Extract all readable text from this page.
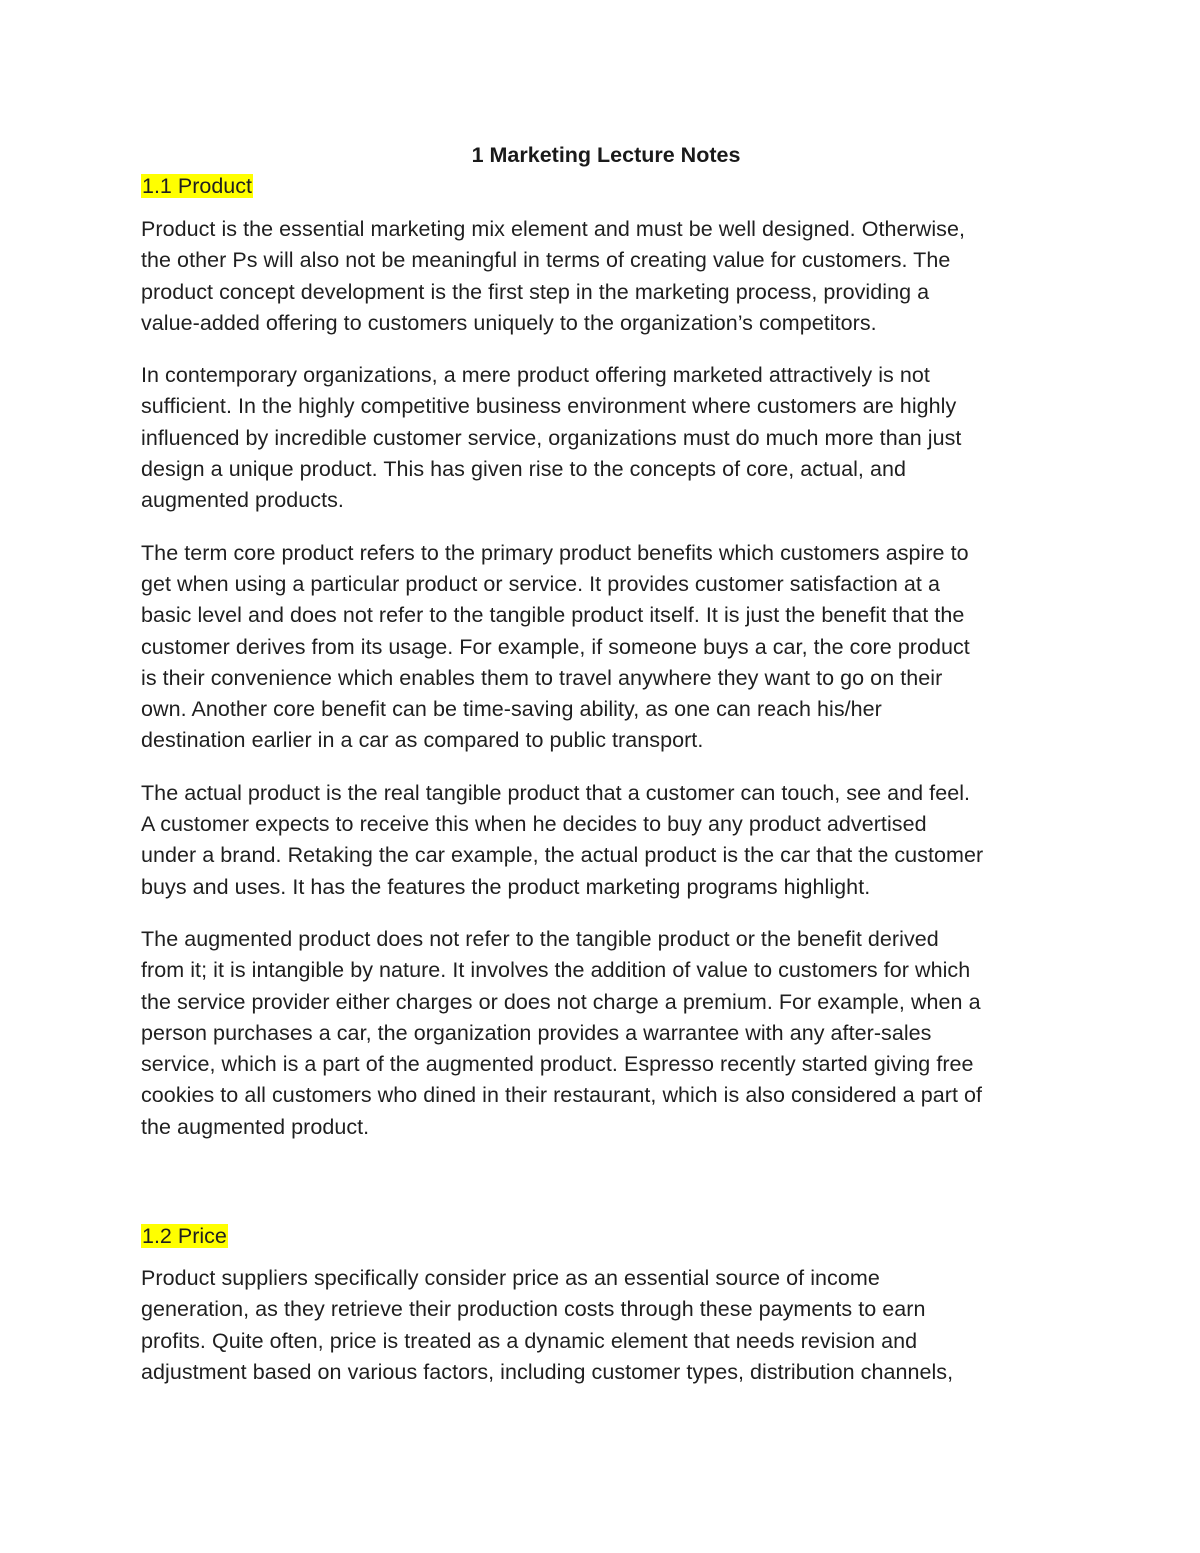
1 Marketing Lecture Notes
1.1 Product

Product is the essential marketing mix element and must be well designed. Otherwise,
the other Ps will also not be meaningful in terms of creating value for customers. The
product concept development is the first step in the marketing process, providing a
value-added offering to customers uniquely to the organization’s competitors.

In contemporary organizations, a mere product offering marketed attractively is not
sufficient. In the highly competitive business environment where customers are highly
influenced by incredible customer service, organizations must do much more than just
design a unique product. This has given rise to the concepts of core, actual, and
augmented products.

The term core product refers to the primary product benefits which customers aspire to
get when using a particular product or service. It provides customer satisfaction at a
basic level and does not refer to the tangible product itself. It is just the benefit that the
customer derives from its usage. For example, if someone buys a car, the core product
is their convenience which enables them to travel anywhere they want to go on their
own. Another core benefit can be time-saving ability, as one can reach his/her
destination earlier in a car as compared to public transport.

The actual product is the real tangible product that a customer can touch, see and feel.
A customer expects to receive this when he decides to buy any product advertised
under a brand. Retaking the car example, the actual product is the car that the customer
buys and uses. It has the features the product marketing programs highlight.

The augmented product does not refer to the tangible product or the benefit derived
from it; it is intangible by nature. It involves the addition of value to customers for which
the service provider either charges or does not charge a premium. For example, when a
person purchases a car, the organization provides a warrantee with any after-sales
service, which is a part of the augmented product. Espresso recently started giving free
cookies to all customers who dined in their restaurant, which is also considered a part of
the augmented product.

1.2 Price

Product suppliers specifically consider price as an essential source of income
generation, as they retrieve their production costs through these payments to earn
profits. Quite often, price is treated as a dynamic element that needs revision and
adjustment based on various factors, including customer types, distribution channels,
